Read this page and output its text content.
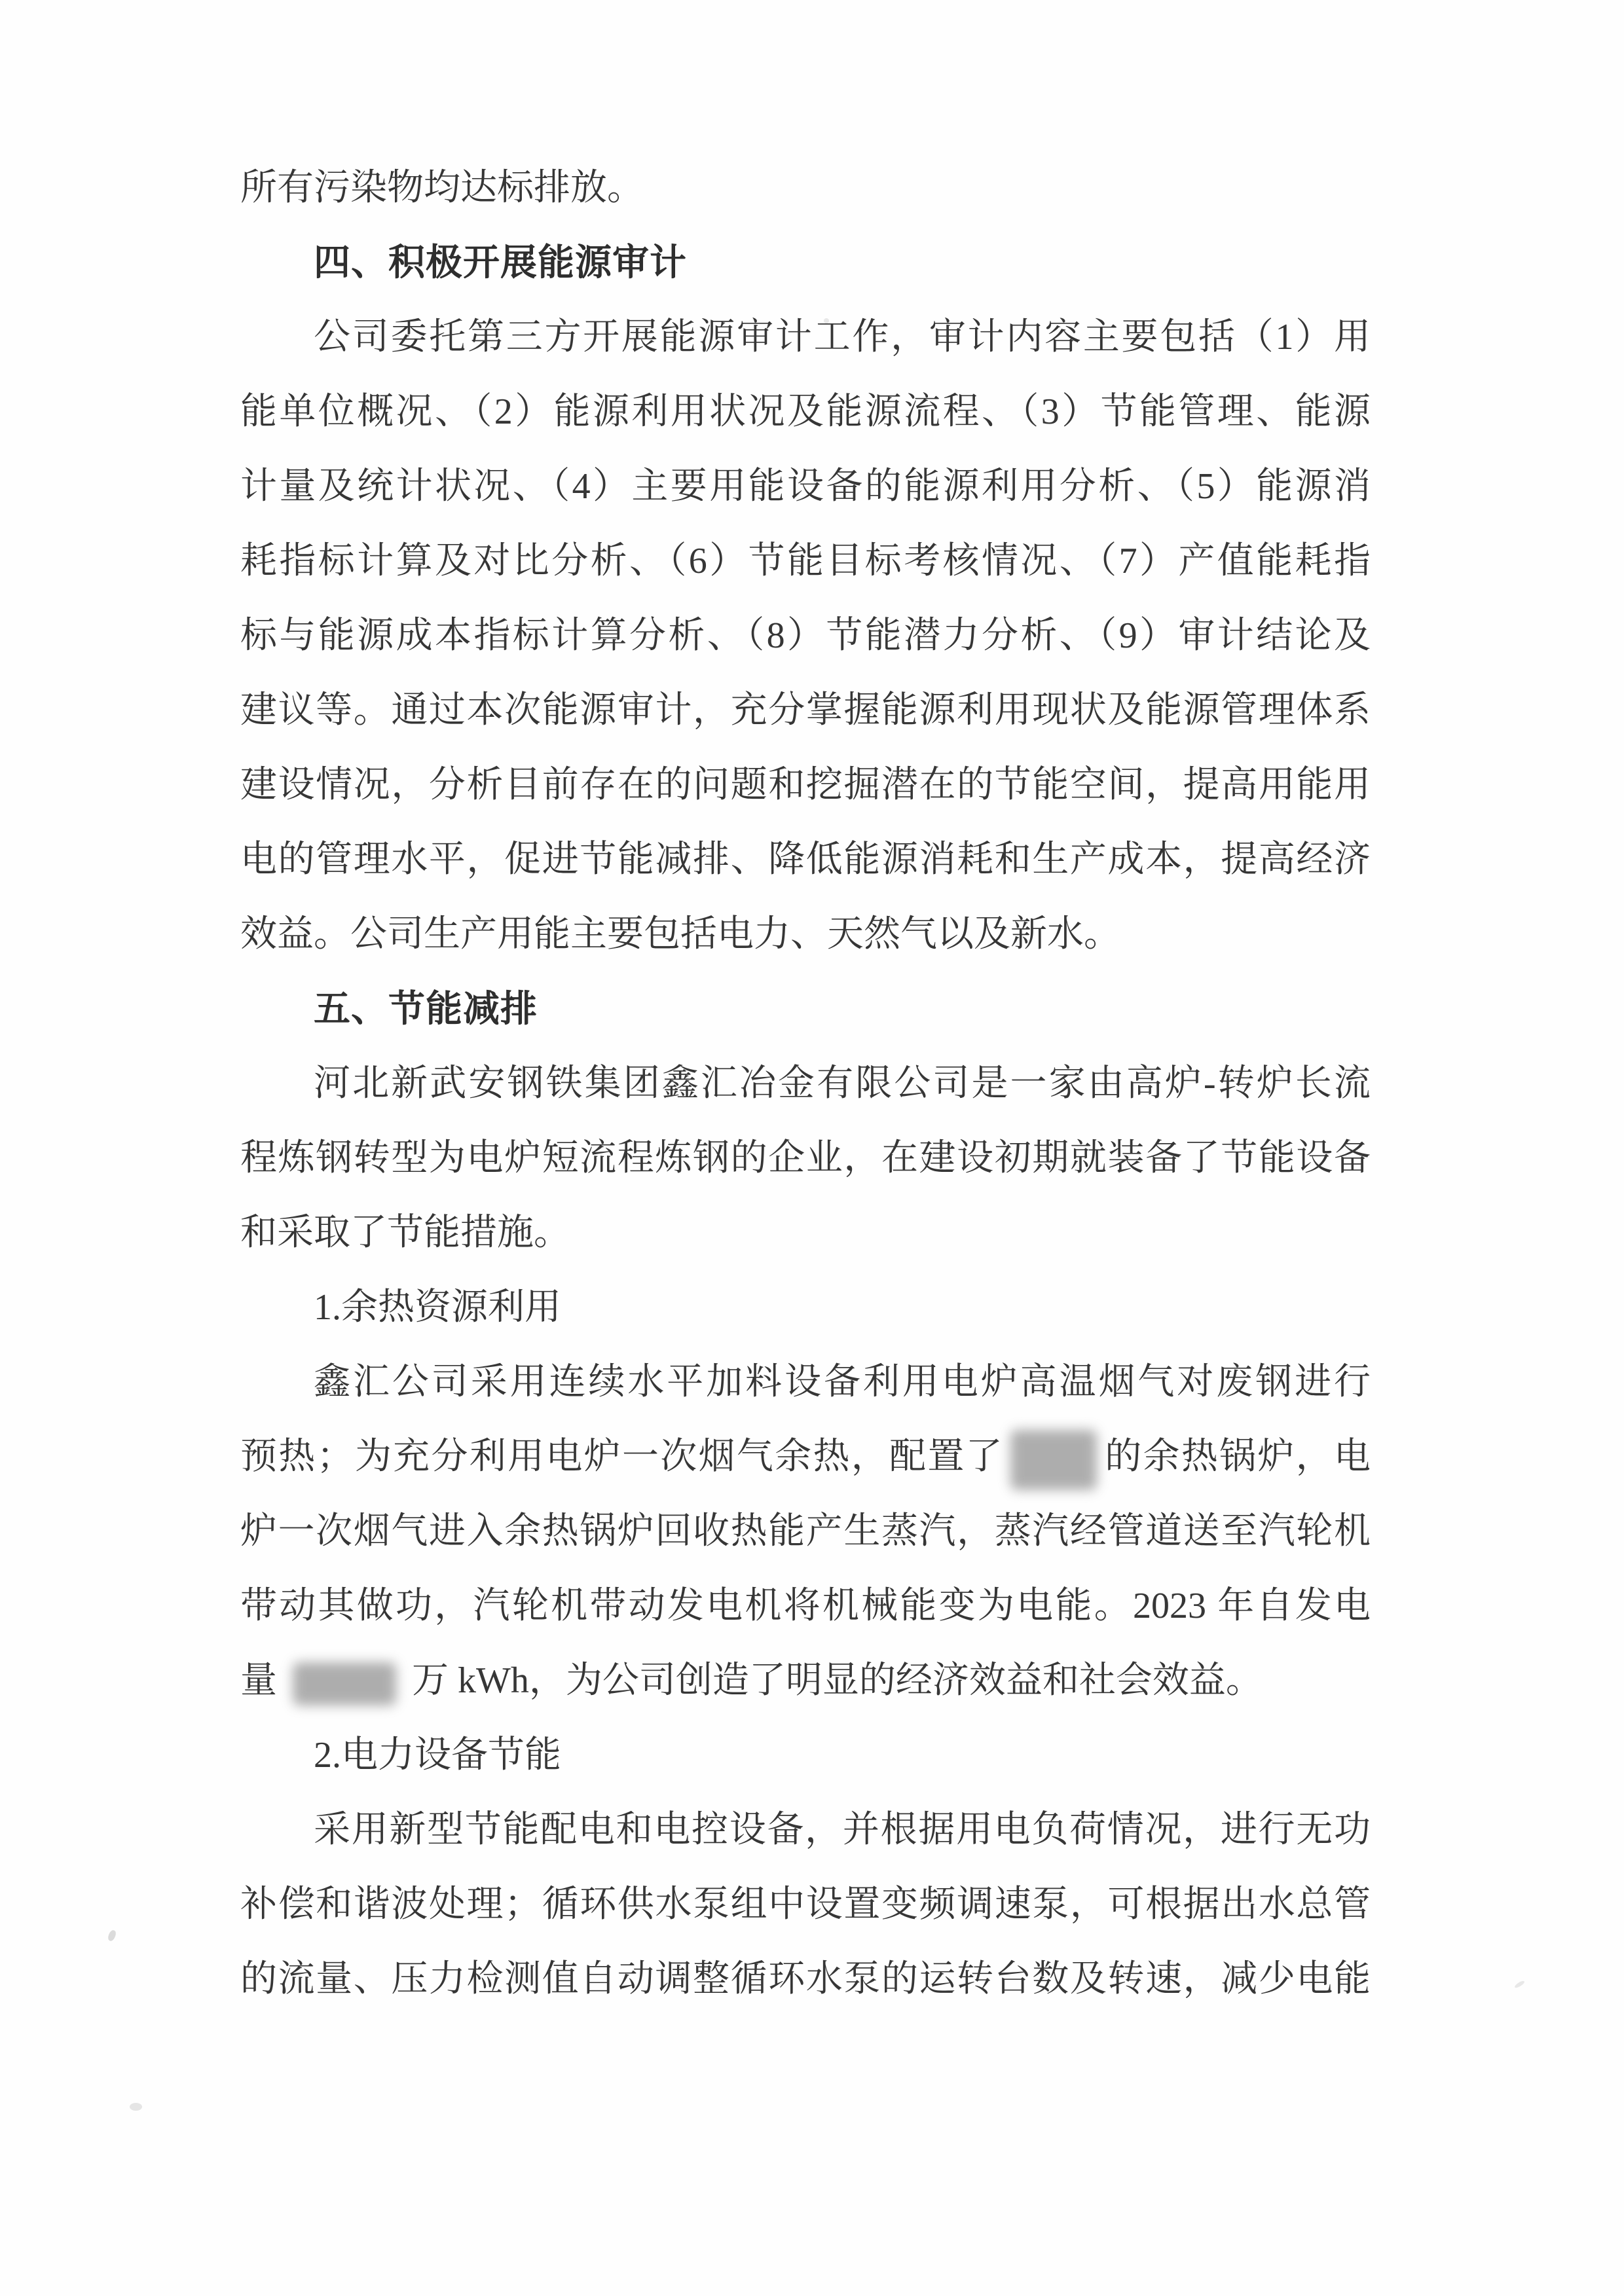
所有污染物均达标排放。
四、积极开展能源审计
公司委托第三方开展能源审计工作，审计内容主要包括（1）用
能单位概况、（2）能源利用状况及能源流程、（3）节能管理、能源
计量及统计状况、（4）主要用能设备的能源利用分析、（5）能源消
耗指标计算及对比分析、（6）节能目标考核情况、（7）产值能耗指
标与能源成本指标计算分析、（8）节能潜力分析、（9）审计结论及
建议等。通过本次能源审计，充分掌握能源利用现状及能源管理体系
建设情况，分析目前存在的问题和挖掘潜在的节能空间，提高用能用
电的管理水平，促进节能减排、降低能源消耗和生产成本，提高经济
效益。公司生产用能主要包括电力、天然气以及新水。
五、节能减排
河北新武安钢铁集团鑫汇冶金有限公司是一家由高炉-转炉长流
程炼钢转型为电炉短流程炼钢的企业，在建设初期就装备了节能设备
和采取了节能措施。
1.余热资源利用
鑫汇公司采用连续水平加料设备利用电炉高温烟气对废钢进行
预热；为充分利用电炉一次烟气余热，配置了	的余热锅炉，电
炉一次烟气进入余热锅炉回收热能产生蒸汽，蒸汽经管道送至汽轮机
带动其做功，汽轮机带动发电机将机械能变为电能。2023 年自发电
量	万 kWh，为公司创造了明显的经济效益和社会效益。
2.电力设备节能
采用新型节能配电和电控设备，并根据用电负荷情况，进行无功
补偿和谐波处理；循环供水泵组中设置变频调速泵，可根据出水总管
的流量、压力检测值自动调整循环水泵的运转台数及转速，减少电能
